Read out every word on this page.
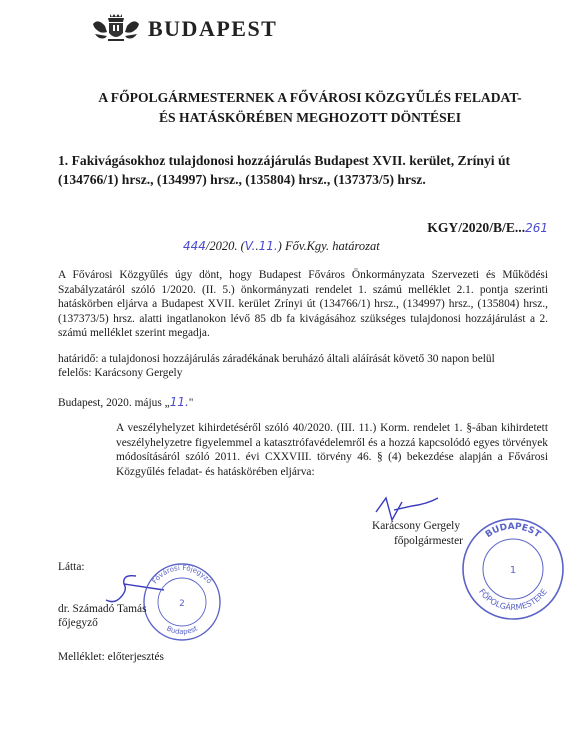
BUDAPEST
A FŐPOLGÁRMESTERNEK A FŐVÁROSI KÖZGYŰLÉS FELADAT-
ÉS HATÁSKÖRÉBEN MEGHOZOTT DÖNTÉSEI
1. Fakivágásokhoz tulajdonosi hozzájárulás Budapest XVII. kerület, Zrínyi út (134766/1) hrsz., (134997) hrsz., (135804) hrsz., (137373/5) hrsz.
KGY/2020/B/E...261
444/2020. (V..11.) Főv.Kgy. határozat
A Fővárosi Közgyűlés úgy dönt, hogy Budapest Főváros Önkormányzata Szervezeti és Működési Szabályzatáról szóló 1/2020. (II. 5.) önkormányzati rendelet 1. számú melléklet 2.1. pontja szerinti hatáskörben eljárva a Budapest XVII. kerület Zrínyi út (134766/1) hrsz., (134997) hrsz., (135804) hrsz., (137373/5) hrsz. alatti ingatlanokon lévő 85 db fa kivágásához szükséges tulajdonosi hozzájárulást a 2. számú melléklet szerint megadja.
határidő: a tulajdonosi hozzájárulás záradékának beruházó általi aláírását követő 30 napon belül
felelős: Karácsony Gergely
Budapest, 2020. május „11."
A veszélyhelyzet kihirdetéséről szóló 40/2020. (III. 11.) Korm. rendelet 1. §-ában kihirdetett veszélyhelyzetre figyelemmel a katasztrófavédelemről és a hozzá kapcsolódó egyes törvények módosításáról szóló 2011. évi CXXVIII. törvény 46. § (4) bekezdése alapján a Fővárosi Közgyűlés feladat- és hatáskörében eljárva:
Karácsony Gergely
főpolgármester
BUDAPEST
FŐPOLGÁRMESTERE
1
Látta:
Fővárosi Főjegyző
Budapest
2
dr. Számadó Tamás
főjegyző
Melléklet: előterjesztés
